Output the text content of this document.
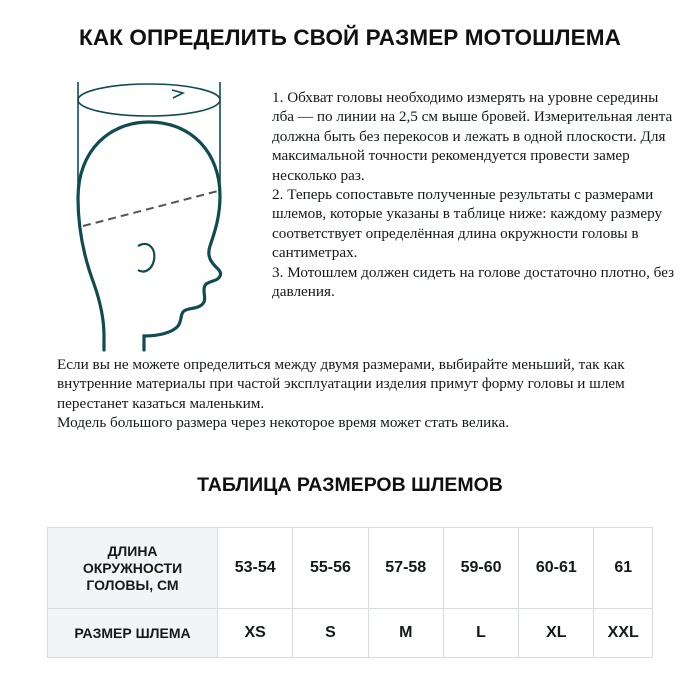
КАК ОПРЕДЕЛИТЬ СВОЙ РАЗМЕР МОТОШЛЕМА

1. Обхват головы необходимо измерять на уровне середины лба — по линии на 2,5 см выше бровей. Измерительная лента должна быть без перекосов и лежать в одной плоскости. Для максимальной точности рекомендуется провести замер несколько раз.

2. Теперь сопоставьте полученные результаты с размерами шлемов, которые указаны в таблице ниже: каждому размеру соответствует определённая длина окружности головы в сантиметрах.

3. Мотошлем должен сидеть на голове достаточно плотно, без давления.

Если вы не можете определиться между двумя размерами, выбирайте меньший, так как внутренние материалы при частой эксплуатации изделия примут форму головы и шлем перестанет казаться маленьким.

Модель большого размера через некоторое время может стать велика.

ТАБЛИЦА РАЗМЕРОВ ШЛЕМОВ
ДЛИНА
ОКРУЖНОСТИ
ГОЛОВЫ, СМ	53-54	55-56	57-58	59-60	60-61	61
РАЗМЕР ШЛЕМА	XS	S	M	L	XL	XXL
